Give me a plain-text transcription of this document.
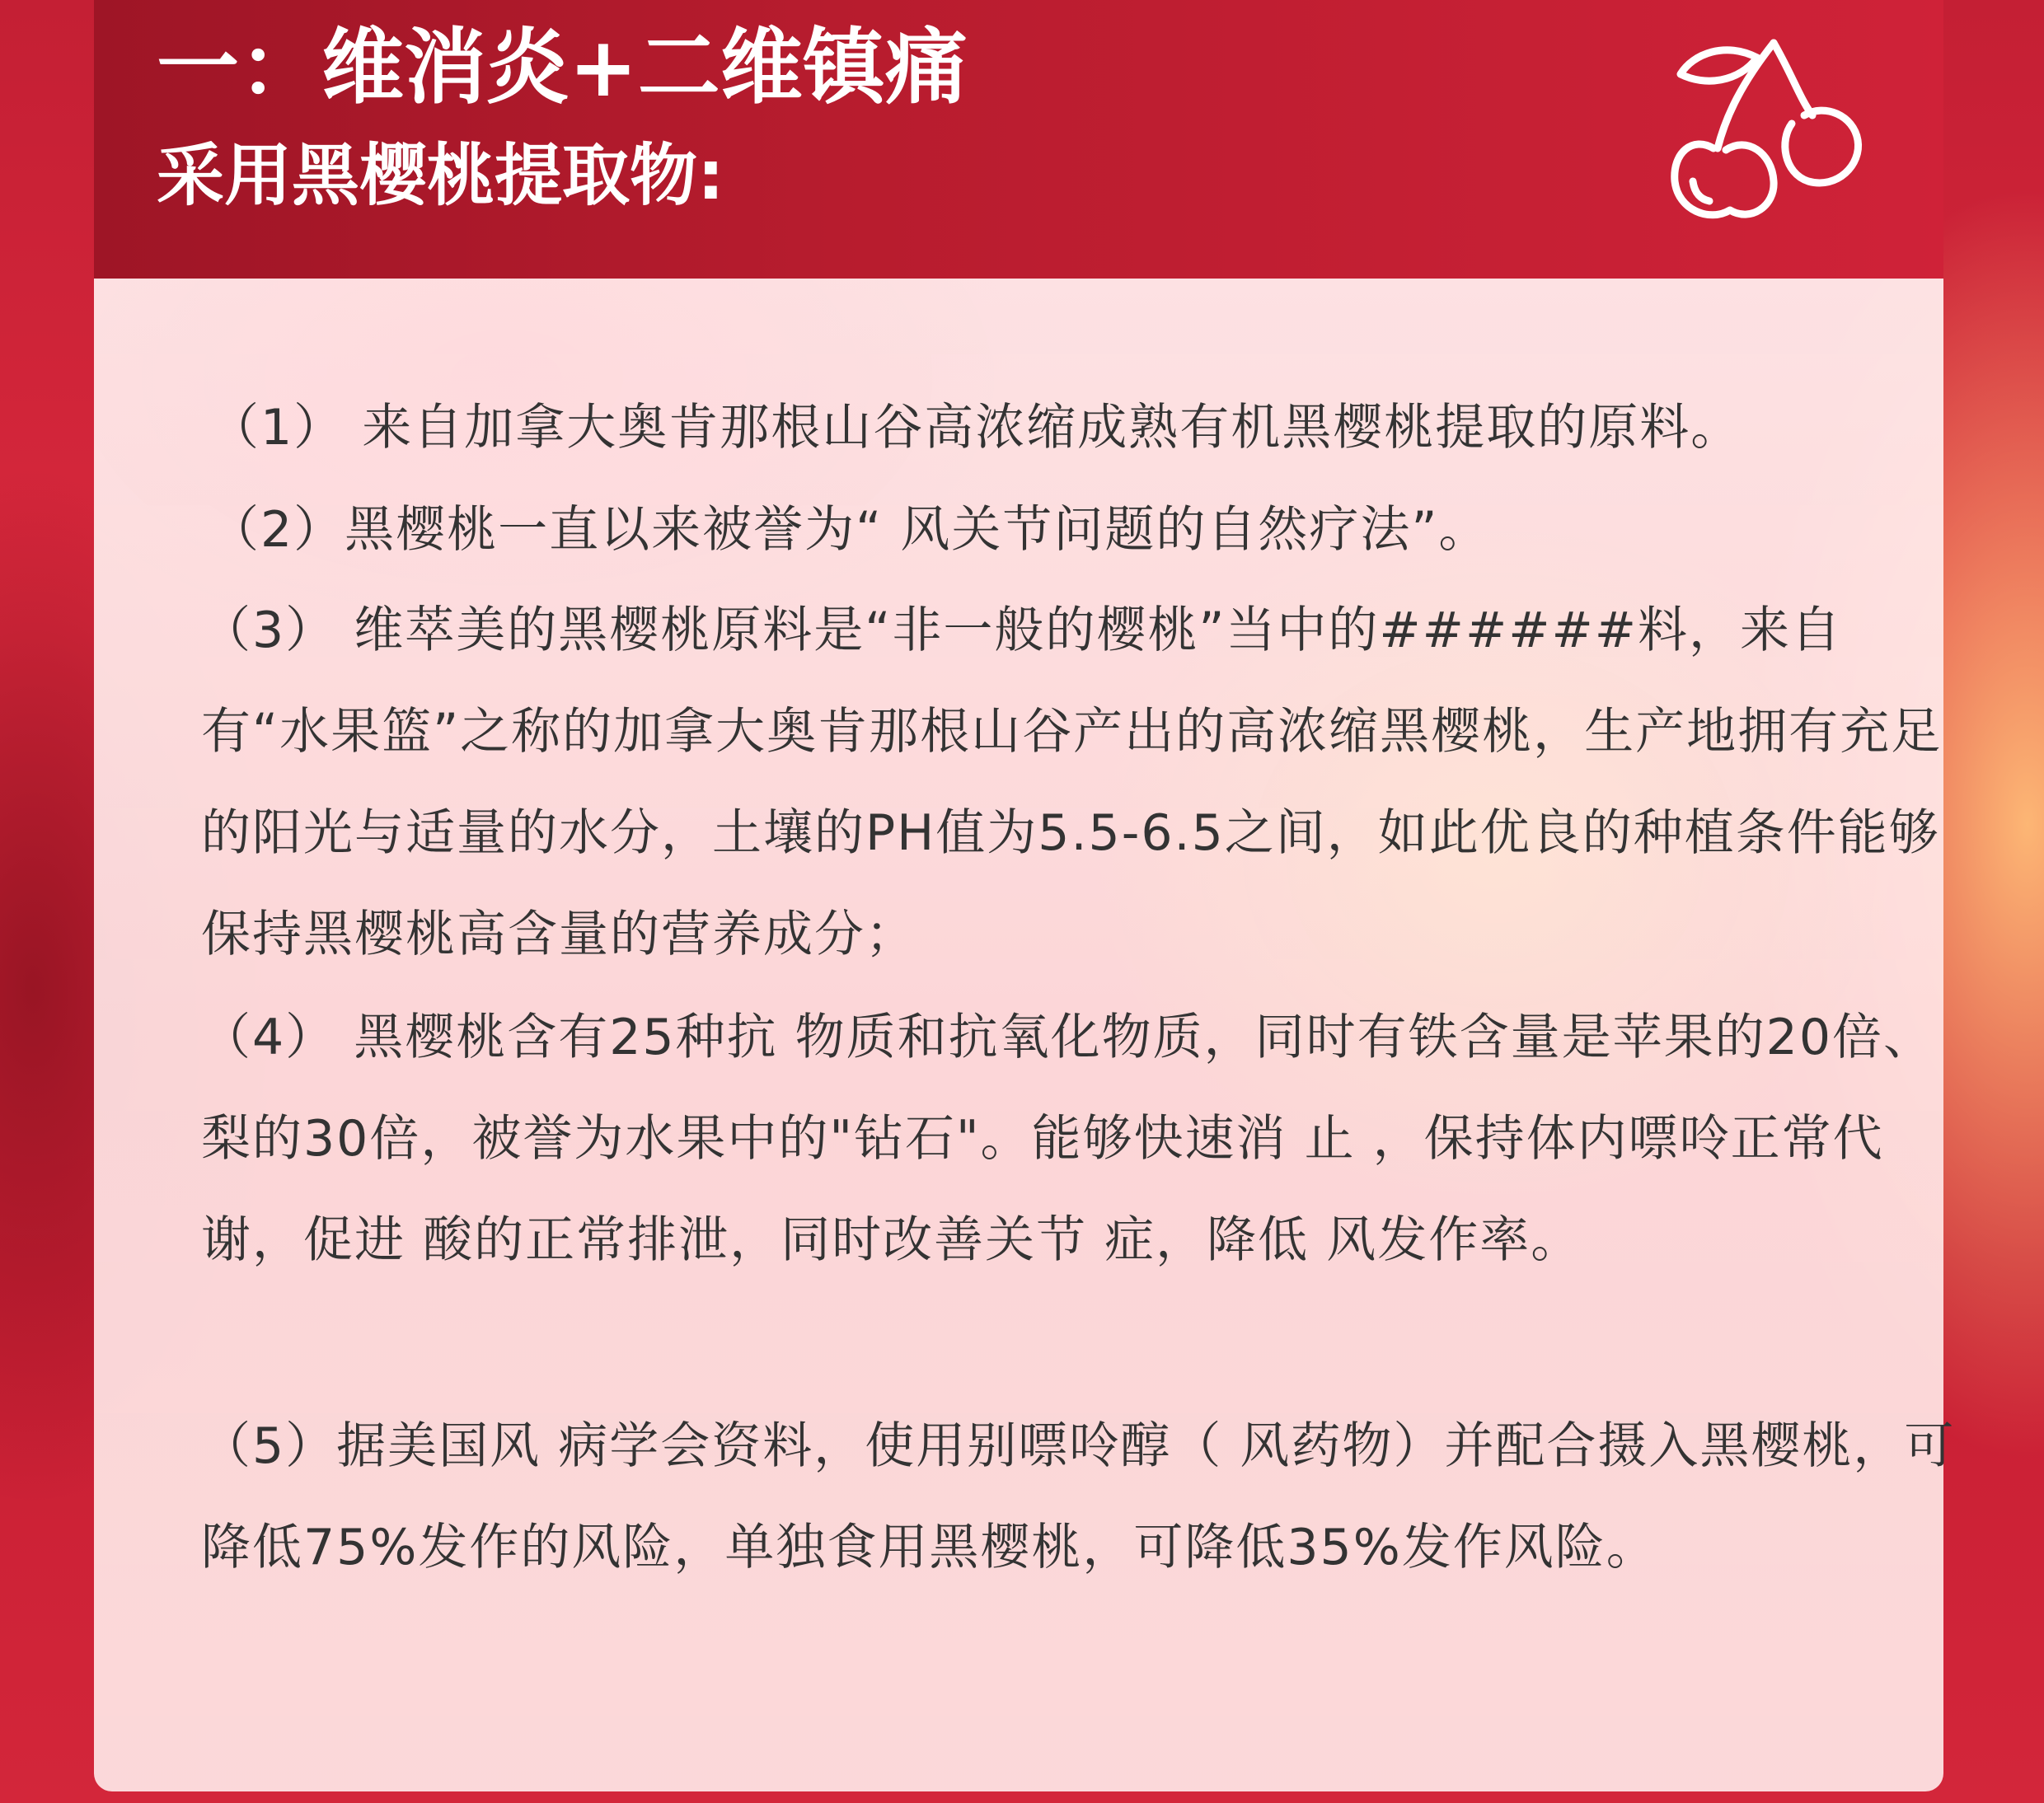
一：维消炎+二维镇痛
采用黑樱桃提取物:

（1） 来自加拿大奥肯那根山谷高浓缩成熟有机黑樱桃提取的原料。

（2）黑樱桃一直以来被誉为“ 风关节问题的自然疗法”。

（3） 维萃美的黑樱桃原料是“非一般的樱桃”当中的######料，来自有“水果篮”之称的加拿大奥肯那根山谷产出的高浓缩黑樱桃，生产地拥有充足的阳光与适量的水分，土壤的PH值为5.5-6.5之间，如此优良的种植条件能够保持黑樱桃高含量的营养成分；

（4） 黑樱桃含有25种抗 物质和抗氧化物质，同时有铁含量是苹果的20倍、梨的30倍，被誉为水果中的"钻石"。能够快速消 止 ，保持体内嘌呤正常代谢，促进 酸的正常排泄，同时改善关节 症，降低 风发作率。

（5）据美国风 病学会资料，使用别嘌呤醇（ 风药物）并配合摄入黑樱桃，可降低75%发作的风险，单独食用黑樱桃，可降低35%发作风险。
